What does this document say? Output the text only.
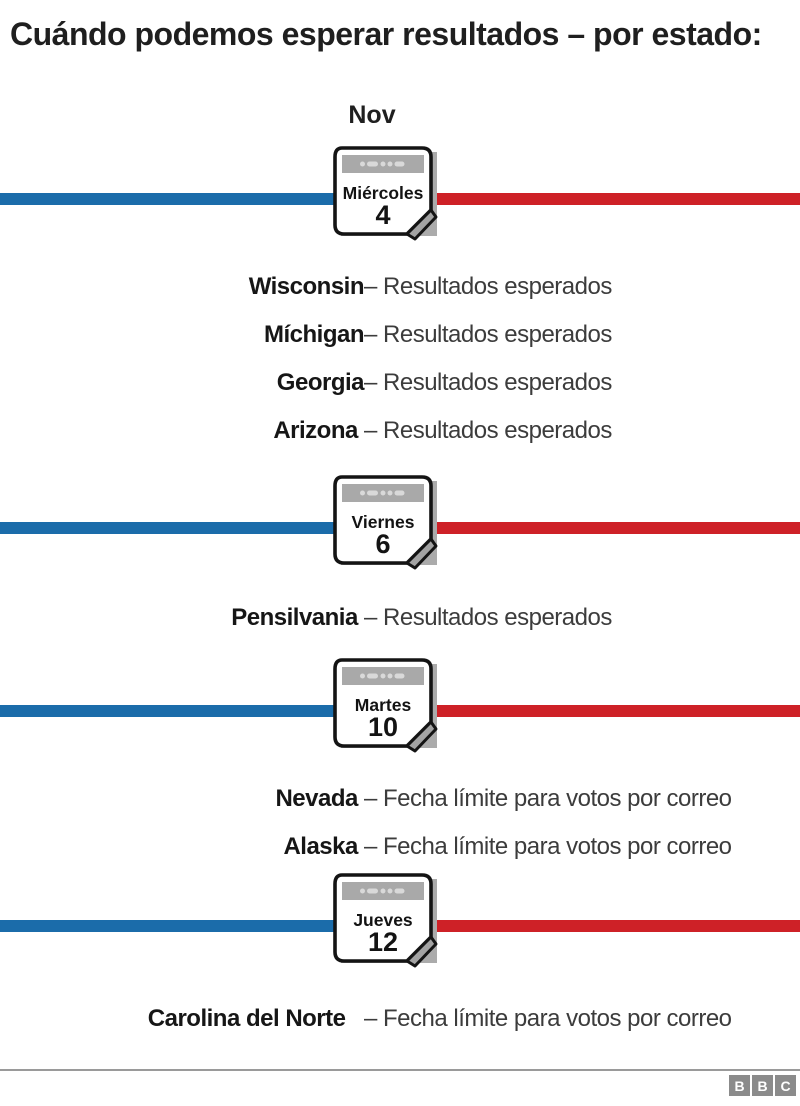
Cuándo podemos esperar resultados – por estado:
Nov
B B C
Miércoles
4
Wisconsin – Resultados esperados
Míchigan – Resultados esperados
Georgia – Resultados esperados
Arizona – Resultados esperados
Viernes
6
Pensilvania – Resultados esperados
Martes
10
Nevada – Fecha límite para votos por correo
Alaska – Fecha límite para votos por correo
Jueves
12
Carolina del Norte – Fecha límite para votos por correo
